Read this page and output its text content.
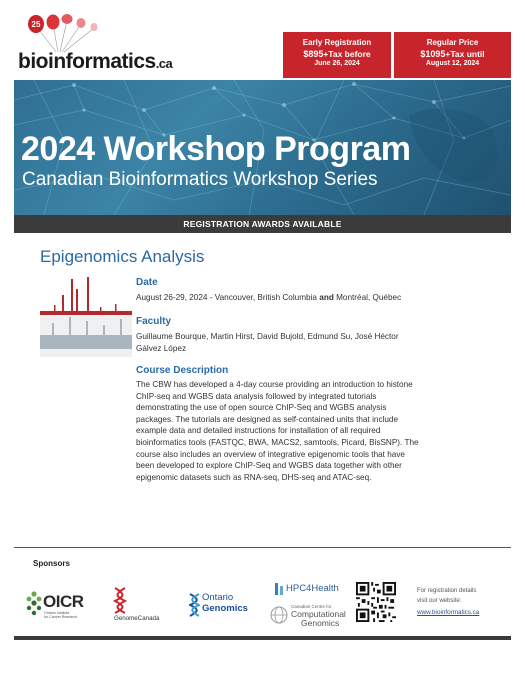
25
bioinformatics.ca
Early Registration
$895+Tax before
June 26, 2024
Regular Price
$1095+Tax until
August 12, 2024
2024 Workshop Program
Canadian Bioinformatics Workshop Series
REGISTRATION AWARDS AVAILABLE
Epigenomics Analysis
Date
August 26-29, 2024 - Vancouver, British Columbia and Montréal, Québec
Faculty
Guillaume Bourque, Martin Hirst, David Bujold, Edmund Su, José Héctor
Gálvez López
Course Description
The CBW has developed a 4-day course providing an introduction to histone
ChIP-seq and WGBS data analysis followed by integrated tutorials
demonstrating the use of open source ChIP-Seq and WGBS analysis
packages. The tutorials are designed as self-contained units that include
example data and detailed instructions for installation of all required
bioinformatics tools (FASTQC, BWA, MACS2, samtools, Picard, BisSNP). The
course also includes an overview of integrative epigenomic tools that have
been developed to explore ChIP-Seq and WGBS data together with other
epigenomic datasets such as RNA-seq, DHS-seq and ATAC-seq.
Sponsors
OICR
Ontario Institute
for Cancer Research	GenomeCanada
Ontario
Genomics
HPC4Health
Canadian Centre for
Computational
Genomics
For registration details
visit our website:
www.bioinformatics.ca
